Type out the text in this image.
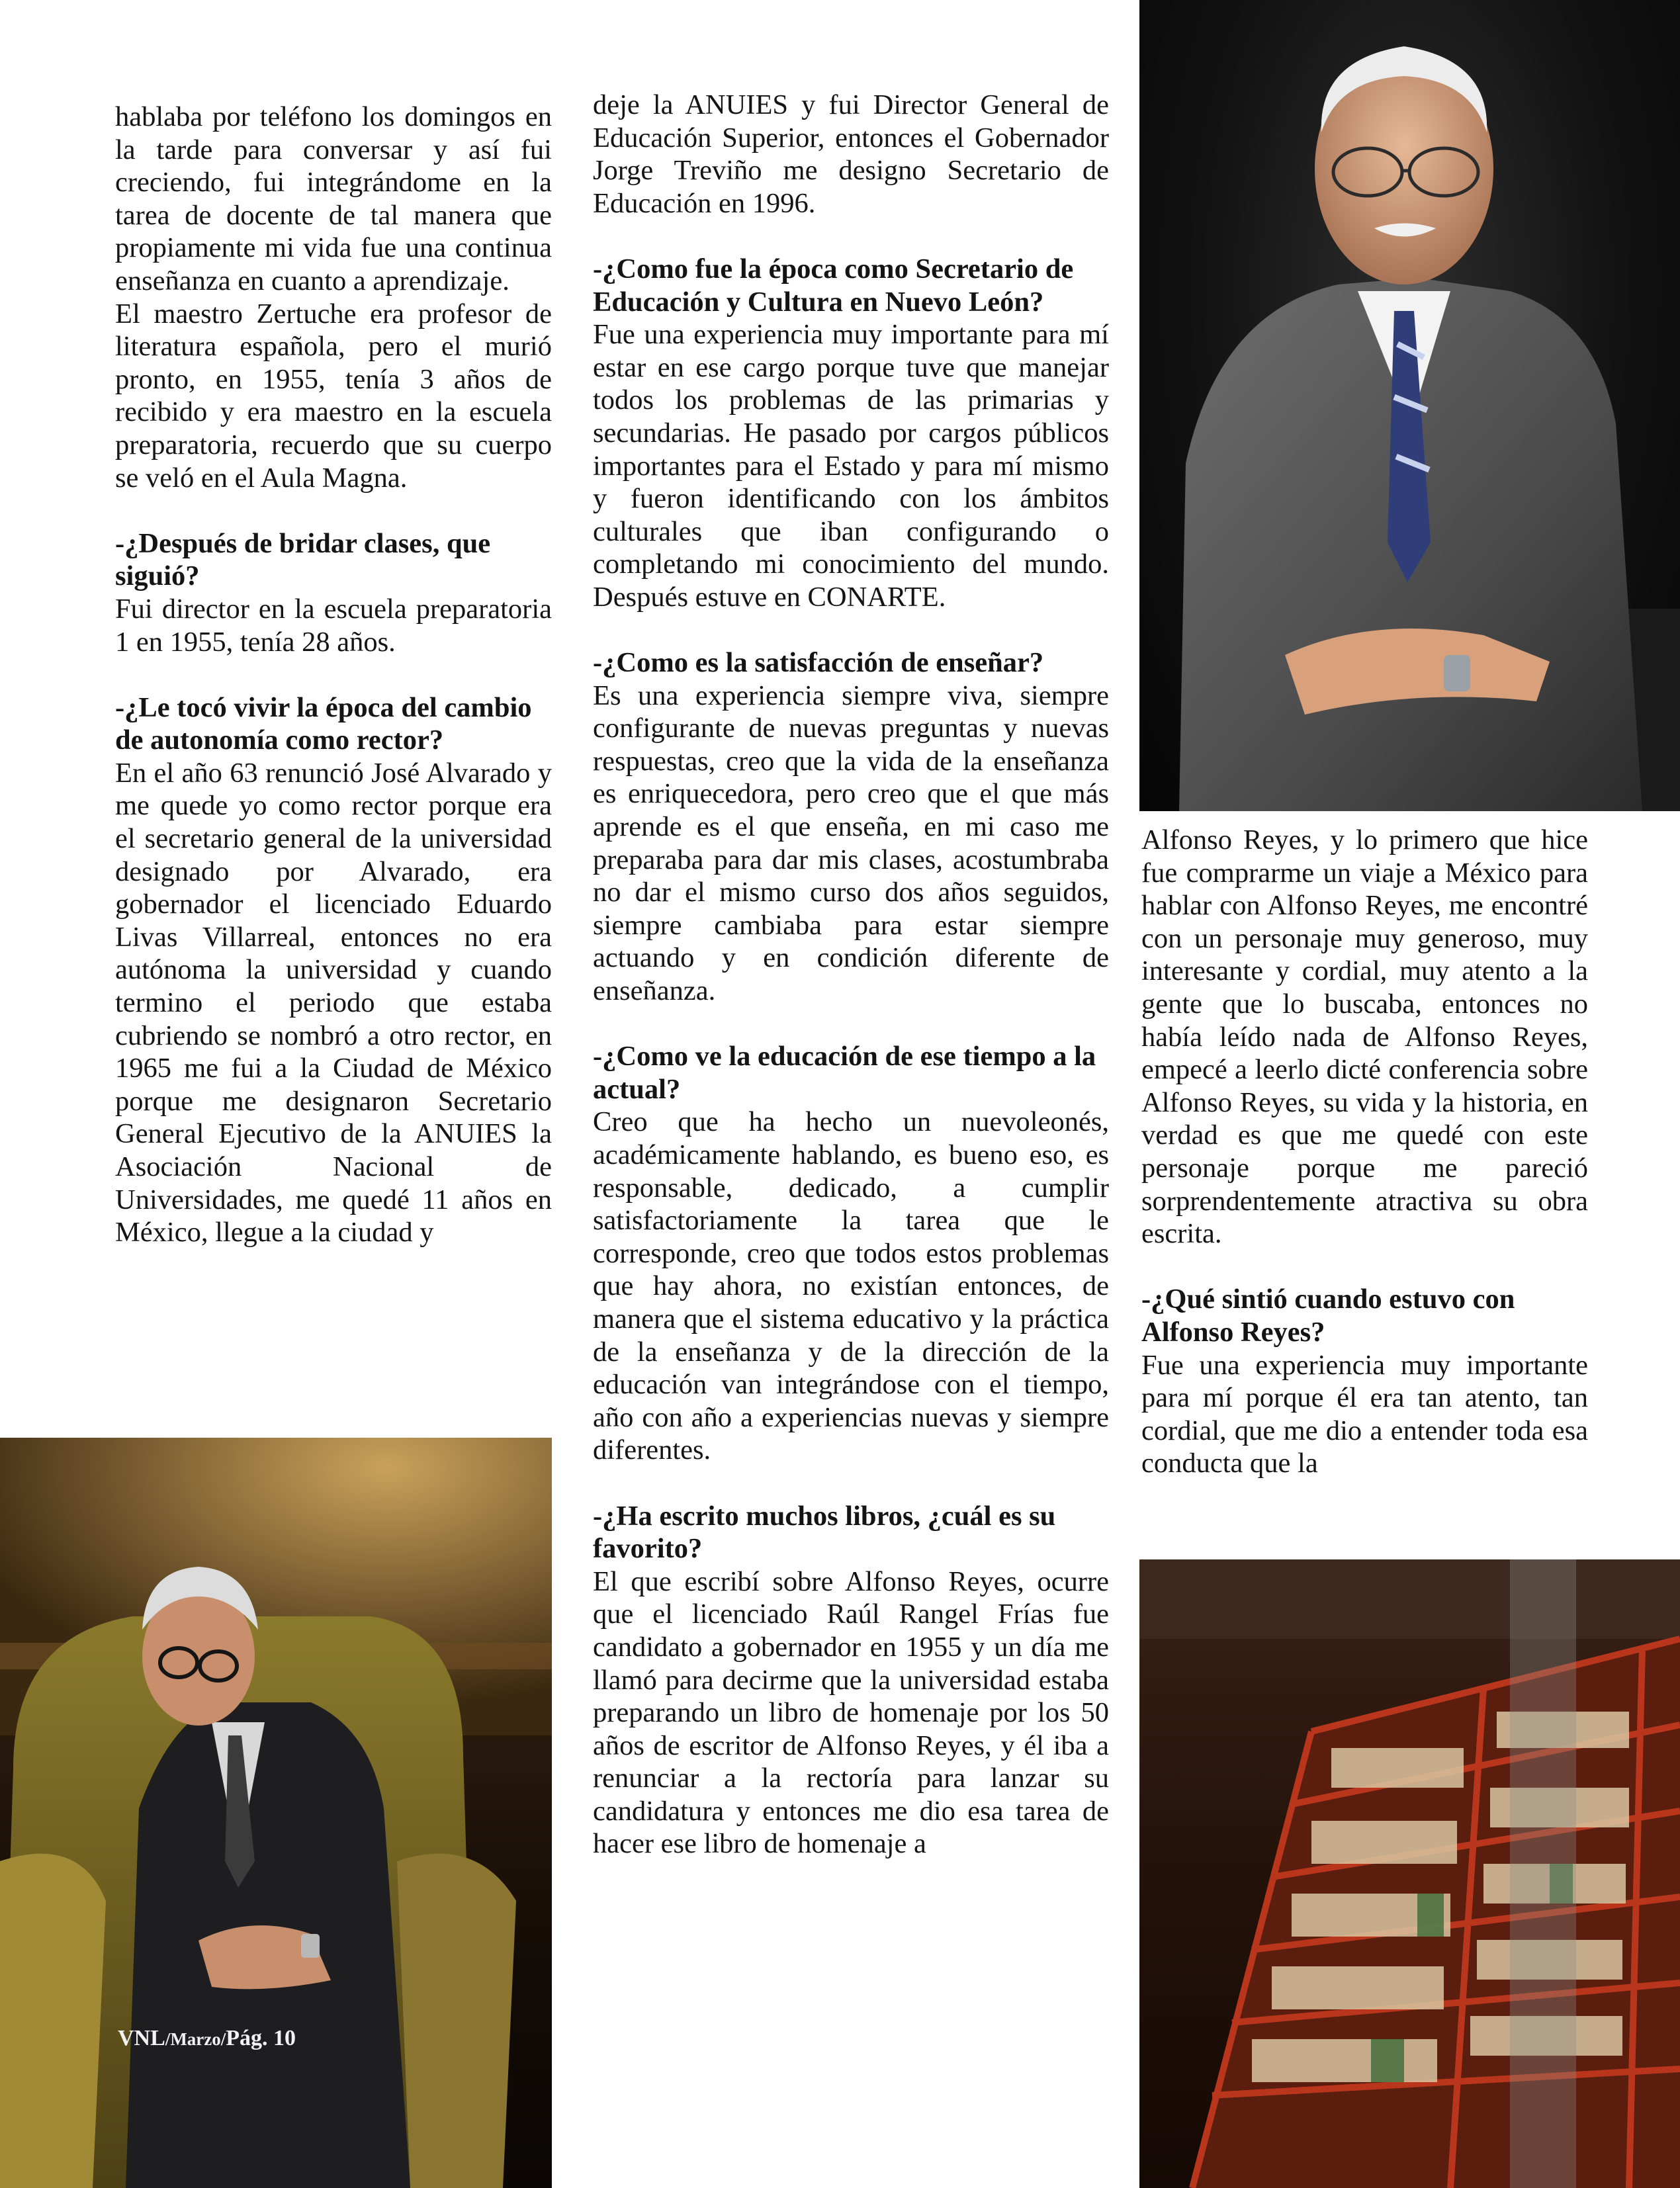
hablaba por teléfono los domingos en la tarde para conversar y así fui creciendo, fui integrándome en la tarea de docente de tal manera que propiamente mi vida fue una continua enseñanza en cuanto a aprendizaje.

El maestro Zertuche era profesor de literatura española, pero el murió pronto, en 1955, tenía 3 años de recibido y era maestro en la escuela preparatoria, recuerdo que su cuerpo se veló en el Aula Magna.

-¿Después de bridar clases, que siguió?

Fui director en la escuela preparatoria 1 en 1955, tenía 28 años.

-¿Le tocó vivir la época del cambio de autonomía como rector?

En el año 63 renunció José Alvarado y me quede yo como rector porque era el secretario general de la universidad designado por Alvarado, era gobernador el licenciado Eduardo Livas Villarreal, entonces no era autónoma la universidad y cuando termino el periodo que estaba cubriendo se nombró a otro rector, en 1965 me fui a la Ciudad de México porque me designaron Secretario General Ejecutivo de la ANUIES la Asociación Nacional de Universidades, me quedé 11 años en México, llegue a la ciudad y

deje la ANUIES y fui Director General de Educación Superior, entonces el Gobernador Jorge Treviño me designo Secretario de Educación en 1996.

-¿Como fue la época como Secretario de Educación y Cultura en Nuevo León?

Fue una experiencia muy importante para mí estar en ese cargo porque tuve que manejar todos los problemas de las primarias y secundarias. He pasado por cargos públicos importantes para el Estado y para mí mismo y fueron identificando con los ámbitos culturales que iban configurando o completando mi conocimiento del mundo. Después estuve en CONARTE.

-¿Como es la satisfacción de enseñar?

Es una experiencia siempre viva, siempre configurante de nuevas preguntas y nuevas respuestas, creo que la vida de la enseñanza es enriquecedora, pero creo que el que más aprende es el que enseña, en mi caso me preparaba para dar mis clases, acostumbraba no dar el mismo curso dos años seguidos, siempre cambiaba para estar siempre actuando y en condición diferente de enseñanza.

-¿Como ve la educación de ese tiempo a la actual?

Creo que ha hecho un nuevoleonés, académicamente hablando, es bueno eso, es responsable, dedicado, a cumplir satisfactoriamente la tarea que le corresponde, creo que todos estos problemas que hay ahora, no existían entonces, de manera que el sistema educativo y la práctica de la enseñanza y de la dirección de la educación van integrándose con el tiempo, año con año a experiencias nuevas y siempre diferentes.

-¿Ha escrito muchos libros, ¿cuál es su favorito?

El que escribí sobre Alfonso Reyes, ocurre que el licenciado Raúl Rangel Frías fue candidato a gobernador en 1955 y un día me llamó para decirme que la universidad estaba preparando un libro de homenaje por los 50 años de escritor de Alfonso Reyes, y él iba a renunciar a la rectoría para lanzar su candidatura y entonces me dio esa tarea de hacer ese libro de homenaje a

Alfonso Reyes, y lo primero que hice fue comprarme un viaje a México para hablar con Alfonso Reyes, me encontré con un personaje muy generoso, muy interesante y cordial, muy atento a la gente que lo buscaba, entonces no había leído nada de Alfonso Reyes, empecé a leerlo dicté conferencia sobre Alfonso Reyes, su vida y la historia, en verdad es que me quedé con este personaje porque me pareció sorprendentemente atractiva su obra escrita.

-¿Qué sintió cuando estuvo con Alfonso Reyes?

Fue una experiencia muy importante para mí porque él era tan atento, tan cordial, que me dio a entender toda esa conducta que la

VNL/Marzo/Pág. 10
